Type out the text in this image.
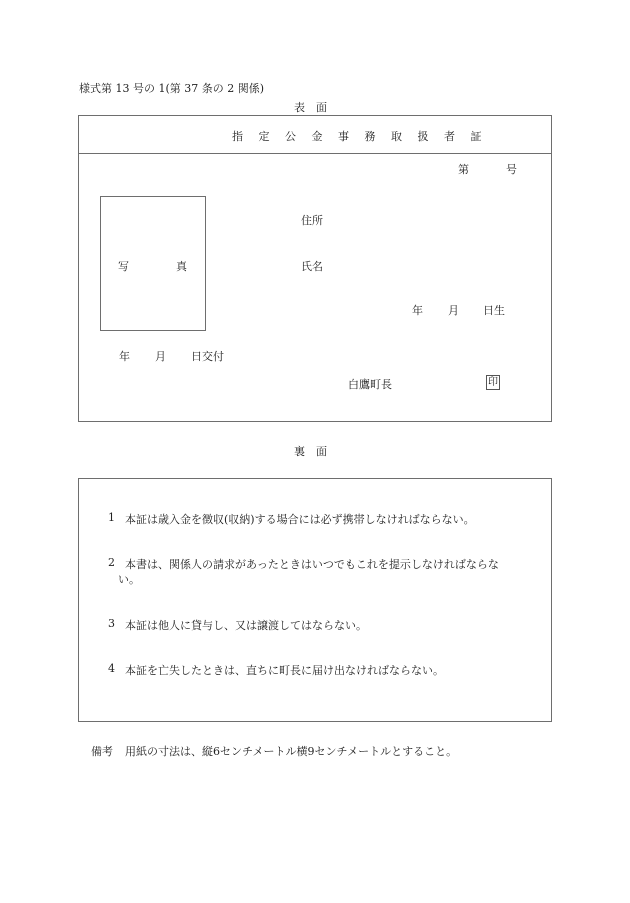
様式第 13 号の 1(第 37 条の 2 関係)
表　面
指 定 公 金 事 務 取 扱 者 証
第	号
写	真
住所
氏名
年 月 日生
年 月 日交付
白鷹町長	印
裏　面
1 本証は歳入金を徴収(収納)する場合には必ず携帯しなければならない。
2 本書は、関係人の請求があったときはいつでもこれを提示しなければならな
い。
3 本証は他人に貸与し、又は譲渡してはならない。
4 本証を亡失したときは、直ちに町長に届け出なければならない。
備考 用紙の寸法は、縦6センチメートル横9センチメートルとすること。
